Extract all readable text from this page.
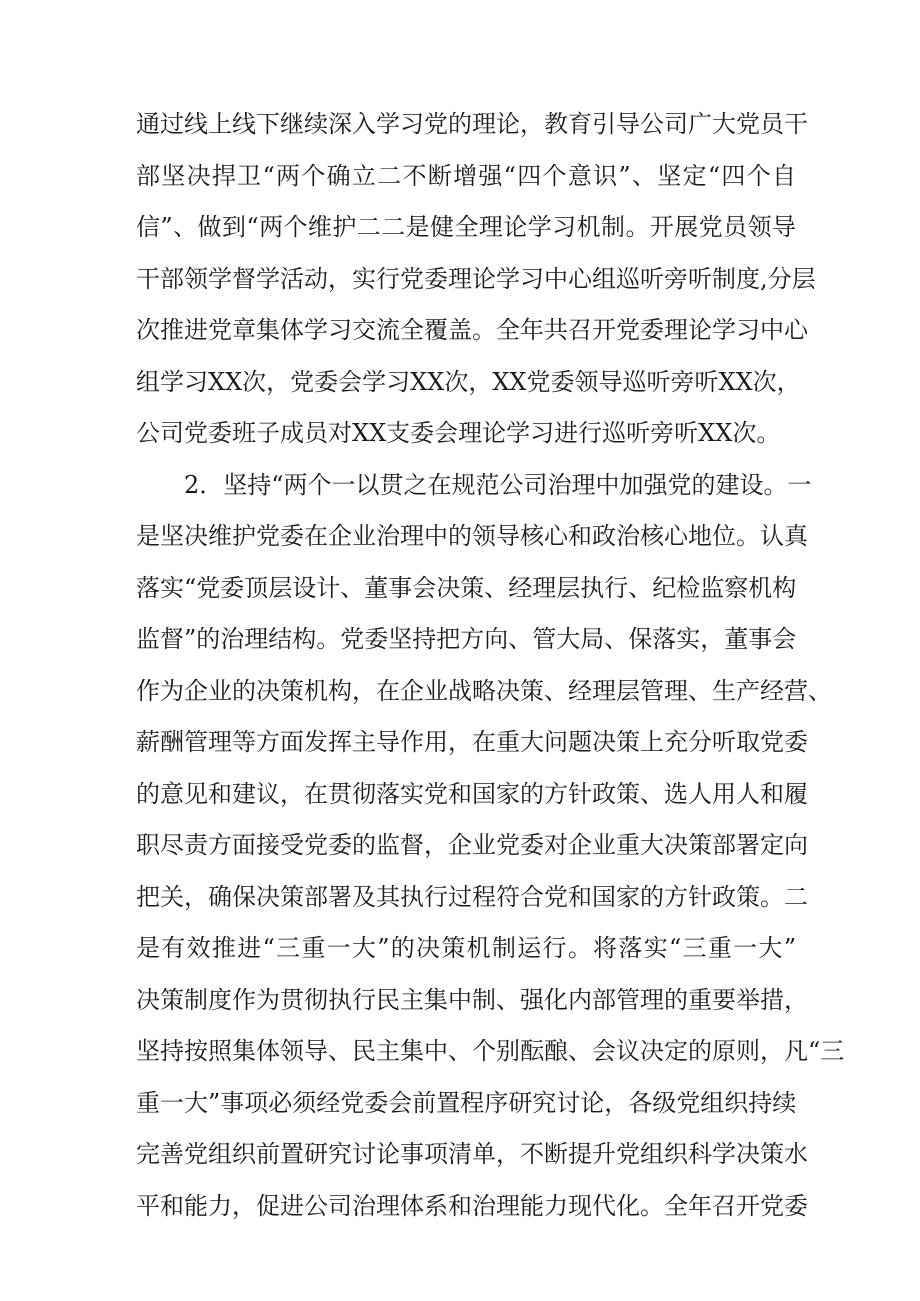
通过线上线下继续深入学习党的理论，教育引导公司广大党员干
部坚决捍卫“两个确立二不断增强“四个意识”、坚定“四个自
信”、做到“两个维护二二是健全理论学习机制。开展党员领导
干部领学督学活动，实行党委理论学习中心组巡听旁听制度,分层
次推进党章集体学习交流全覆盖。全年共召开党委理论学习中心
组学习XX次，党委会学习XX次，XX党委领导巡听旁听XX次，
公司党委班子成员对XX支委会理论学习进行巡听旁听XX次。
2．坚持“两个一以贯之在规范公司治理中加强党的建设。一
是坚决维护党委在企业治理中的领导核心和政治核心地位。认真
落实“党委顶层设计、董事会决策、经理层执行、纪检监察机构
监督”的治理结构。党委坚持把方向、管大局、保落实，董事会
作为企业的决策机构，在企业战略决策、经理层管理、生产经营、
薪酬管理等方面发挥主导作用，在重大问题决策上充分听取党委
的意见和建议，在贯彻落实党和国家的方针政策、选人用人和履
职尽责方面接受党委的监督，企业党委对企业重大决策部署定向
把关，确保决策部署及其执行过程符合党和国家的方针政策。二
是有效推进“三重一大”的决策机制运行。将落实“三重一大”
决策制度作为贯彻执行民主集中制、强化内部管理的重要举措，
坚持按照集体领导、民主集中、个别酝酿、会议决定的原则，凡“三
重一大”事项必须经党委会前置程序研究讨论，各级党组织持续
完善党组织前置研究讨论事项清单，不断提升党组织科学决策水
平和能力，促进公司治理体系和治理能力现代化。全年召开党委
